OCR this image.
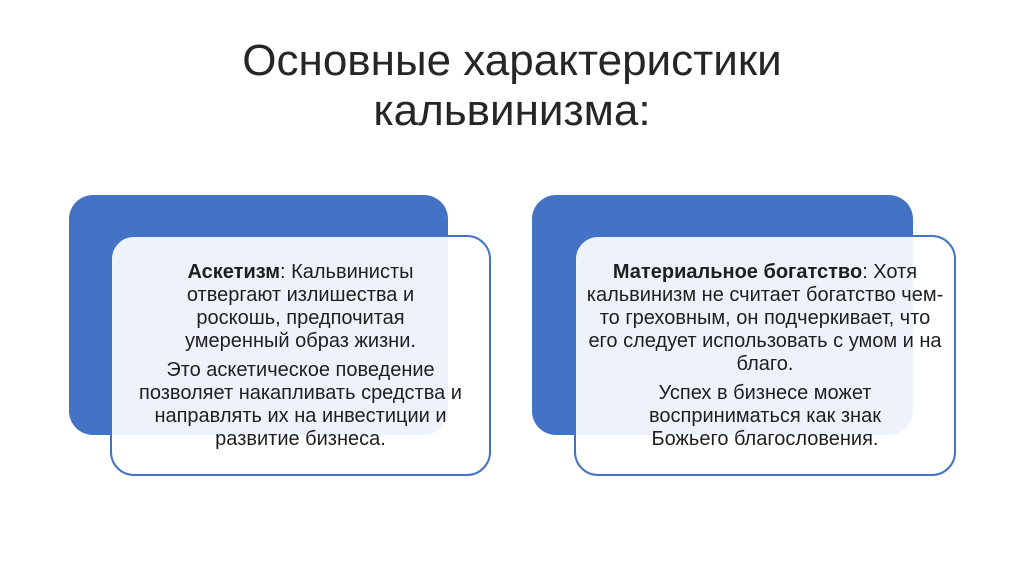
Основные характеристики
кальвинизма:

Аскетизм: Кальвинисты отвергают излишества и роскошь, предпочитая умеренный образ жизни.

Это аскетическое поведение позволяет накапливать средства и направлять их на инвестиции и развитие бизнеса.

Материальное богатство: Хотя кальвинизм не считает богатство чем-то греховным, он подчеркивает, что его следует использовать с умом и на благо.

Успех в бизнесе может восприниматься как знак Божьего благословения.
